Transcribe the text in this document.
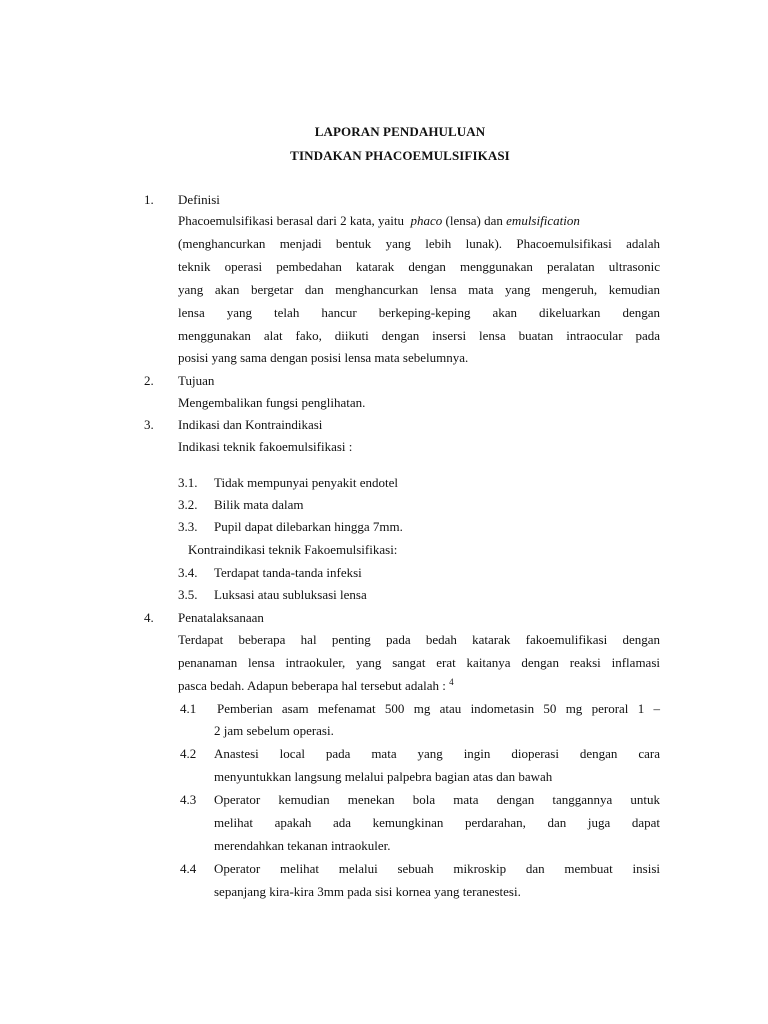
LAPORAN PENDAHULUAN
TINDAKAN PHACOEMULSIFIKASI
1. Definisi
Phacoemulsifikasi berasal dari 2 kata, yaitu phaco (lensa) dan emulsification
(menghancurkan menjadi bentuk yang lebih lunak). Phacoemulsifikasi adalah
teknik operasi pembedahan katarak dengan menggunakan peralatan ultrasonic
yang akan bergetar dan menghancurkan lensa mata yang mengeruh, kemudian
lensa yang telah hancur berkeping-keping akan dikeluarkan dengan
menggunakan alat fako, diikuti dengan insersi lensa buatan intraocular pada
posisi yang sama dengan posisi lensa mata sebelumnya.
2. Tujuan
Mengembalikan fungsi penglihatan.
3. Indikasi dan Kontraindikasi
Indikasi teknik fakoemulsifikasi :
3.1. Tidak mempunyai penyakit endotel
3.2. Bilik mata dalam
3.3. Pupil dapat dilebarkan hingga 7mm.
Kontraindikasi teknik Fakoemulsifikasi:
3.4. Terdapat tanda-tanda infeksi
3.5. Luksasi atau subluksasi lensa
4. Penatalaksanaan
Terdapat beberapa hal penting pada bedah katarak fakoemulifikasi dengan
penanaman lensa intraokuler, yang sangat erat kaitanya dengan reaksi inflamasi
pasca bedah. Adapun beberapa hal tersebut adalah : $^4$
4.1 Pemberian asam mefenamat 500 mg atau indometasin 50 mg peroral 1 –
2 jam sebelum operasi.
4.2 Anastesi local pada mata yang ingin dioperasi dengan cara
menyuntukkan langsung melalui palpebra bagian atas dan bawah
4.3 Operator kemudian menekan bola mata dengan tanggannya untuk
melihat apakah ada kemungkinan perdarahan, dan juga dapat
merendahkan tekanan intraokuler.
4.4 Operator melihat melalui sebuah mikroskip dan membuat insisi
sepanjang kira-kira 3mm pada sisi kornea yang teranestesi.
